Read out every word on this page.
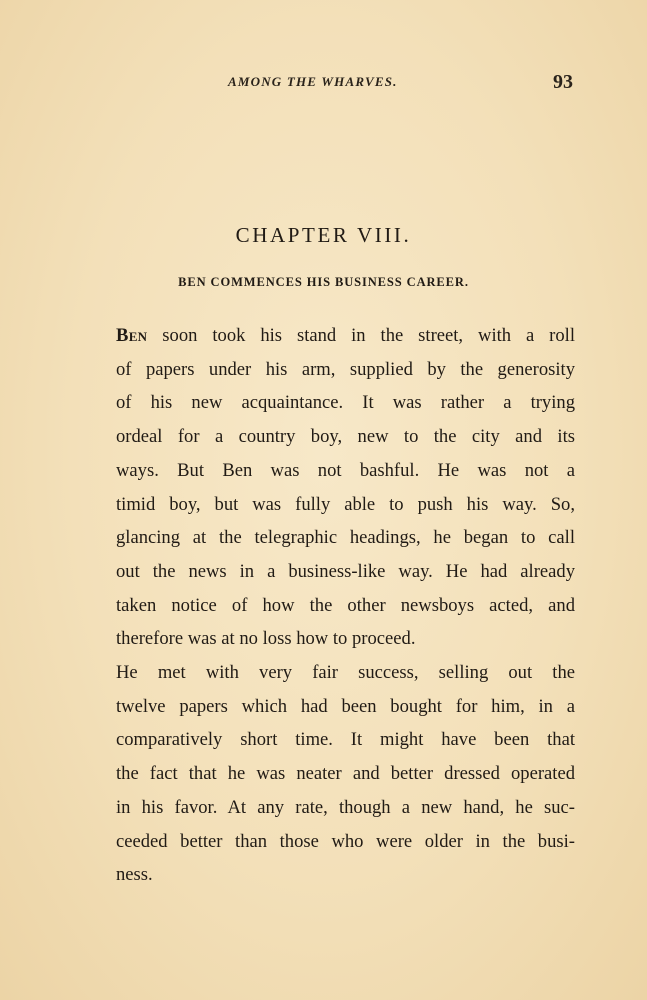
AMONG THE WHARVES.	93
CHAPTER VIII.
BEN COMMENCES HIS BUSINESS CAREER.
Ben soon took his stand in the street, with a roll
of papers under his arm, supplied by the generosity
of his new acquaintance. It was rather a trying
ordeal for a country boy, new to the city and its
ways. But Ben was not bashful. He was not a
timid boy, but was fully able to push his way. So,
glancing at the telegraphic headings, he began to call
out the news in a business-like way. He had already
taken notice of how the other newsboys acted, and
therefore was at no loss how to proceed.
He met with very fair success, selling out the
twelve papers which had been bought for him, in a
comparatively short time. It might have been that
the fact that he was neater and better dressed operated
in his favor. At any rate, though a new hand, he suc-
ceeded better than those who were older in the busi-
ness.
